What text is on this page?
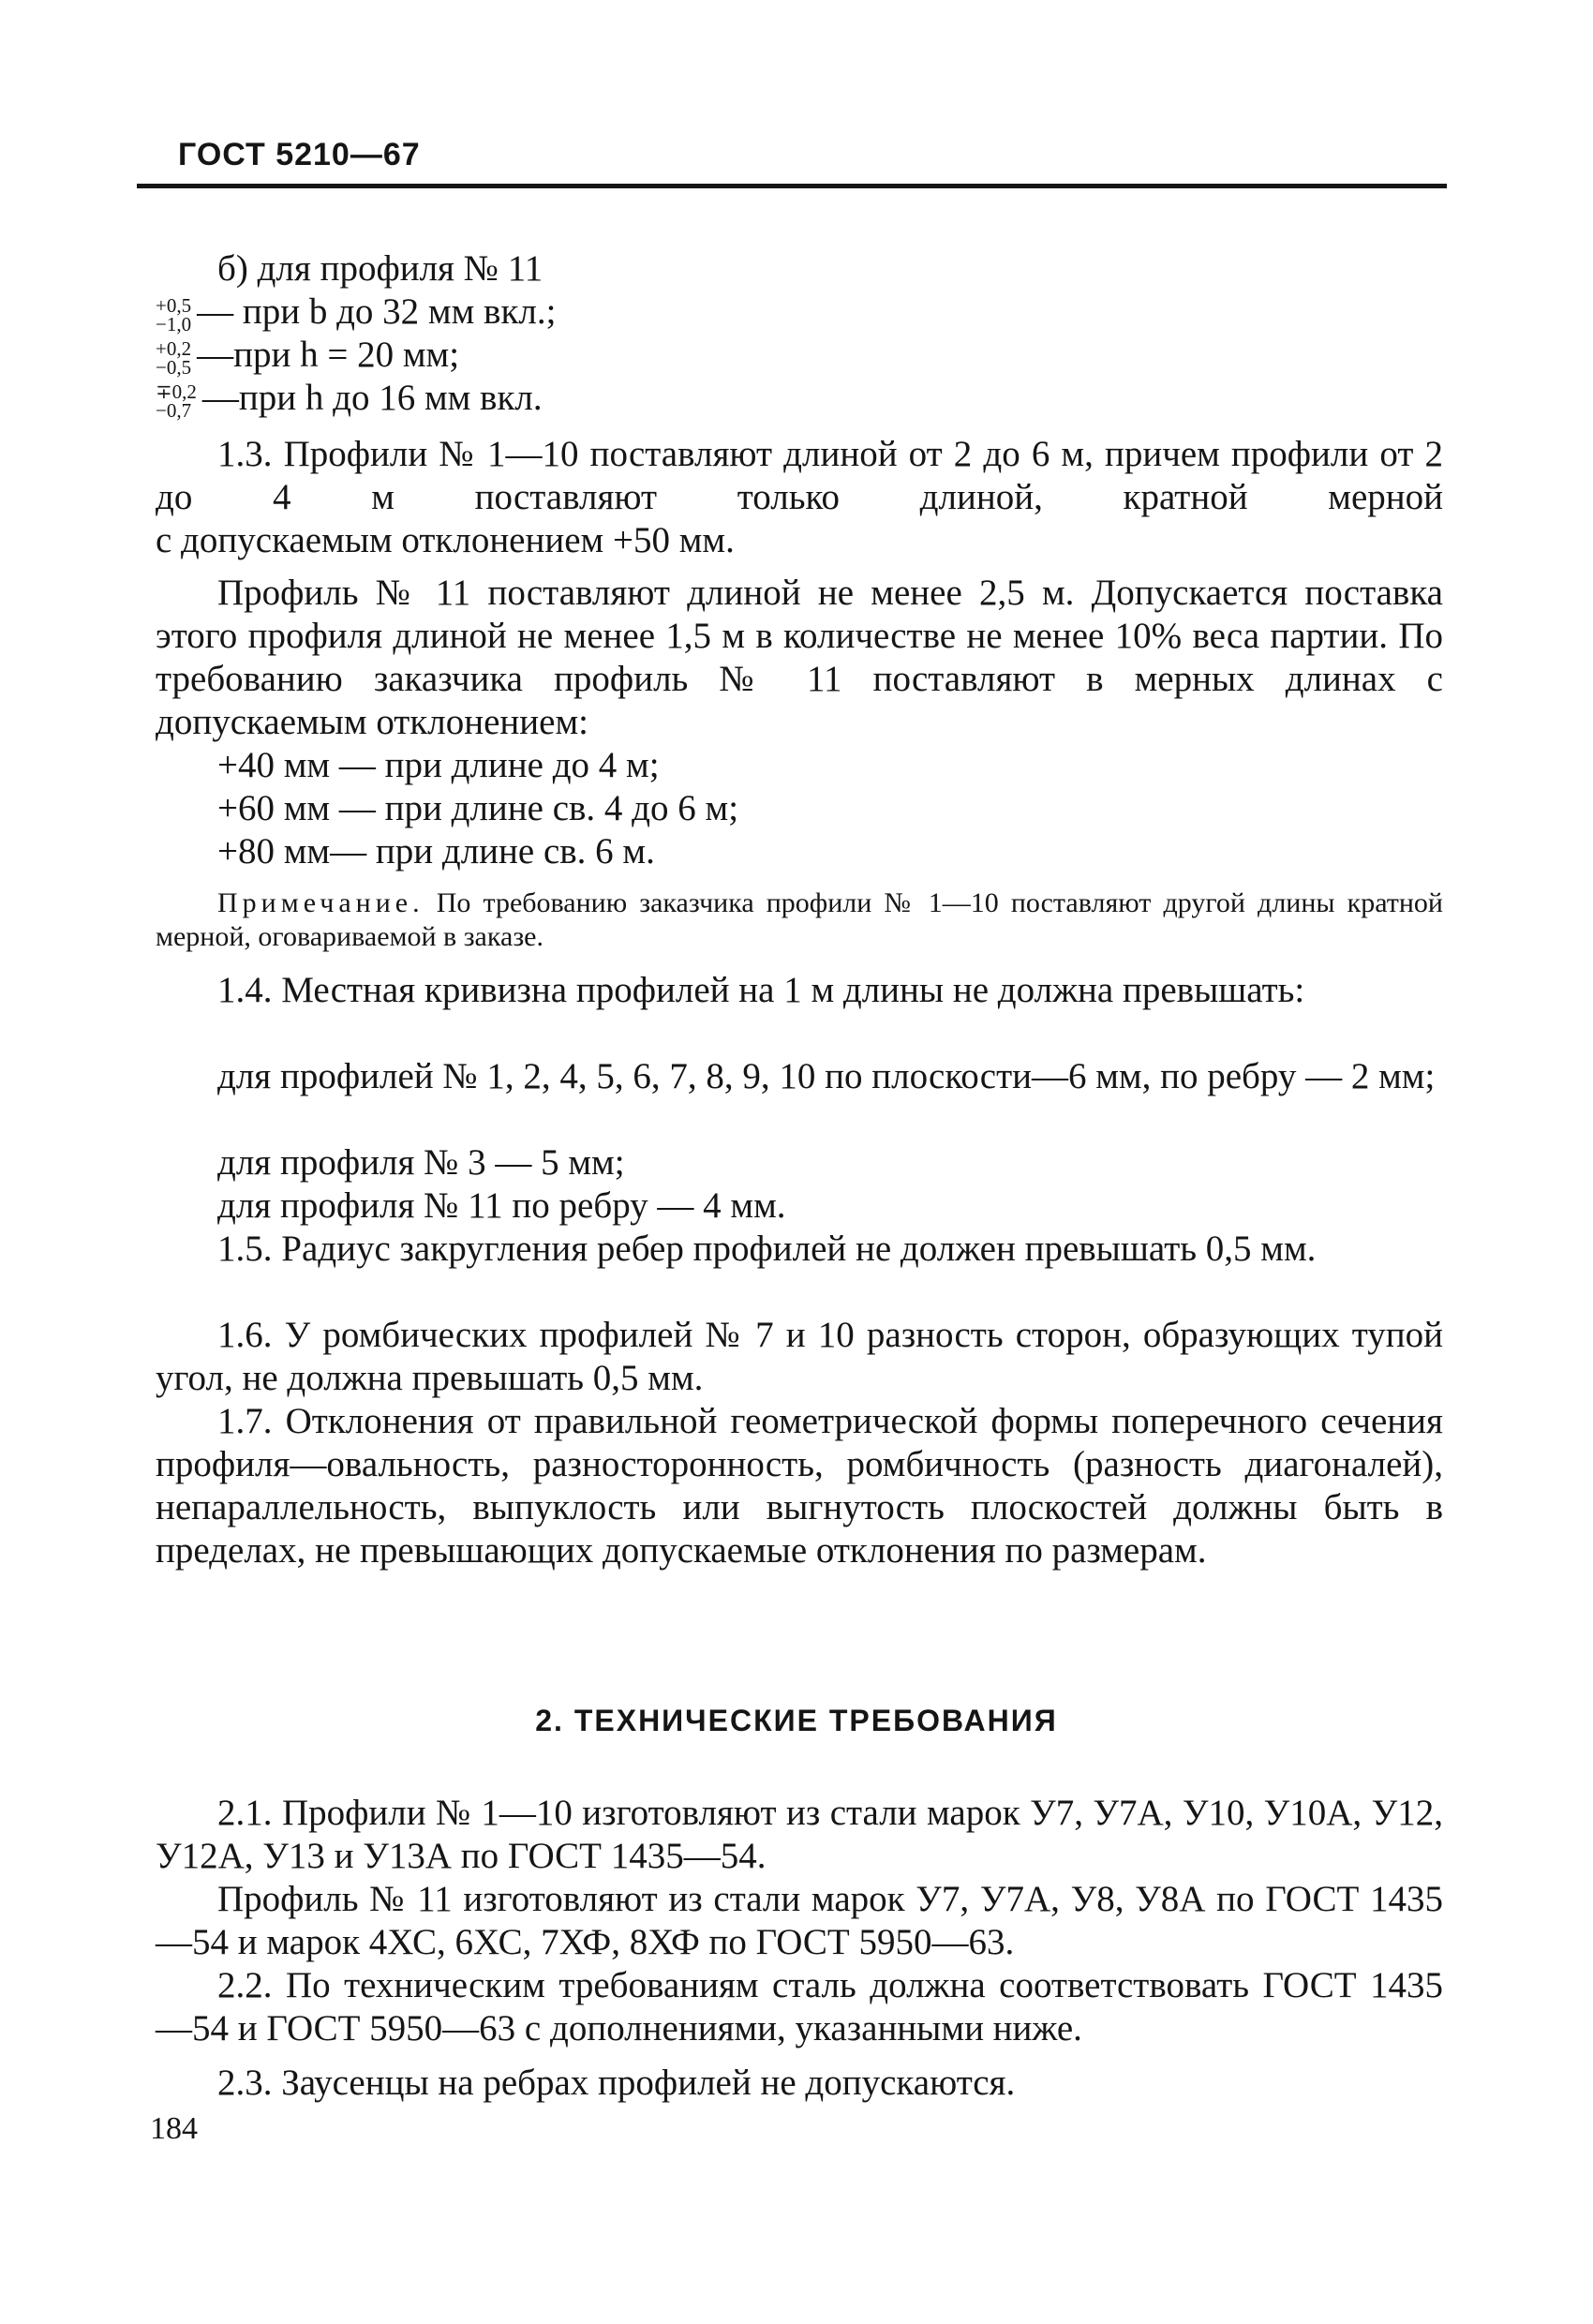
ГОСТ 5210—67
б) для профиля № 11
+0,5
−1,0 — при b до 32 мм вкл.;
+0,2
−0,5 —при h = 20 мм;
∓0,2
−0,7 —при h до 16 мм вкл.
1.3. Профили № 1—10 поставляют длиной от 2 до 6 м, причем профили от 2 до 4 м поставляют только длиной, кратной мерной
с допускаемым отклонением +50 мм.
Профиль № 11 поставляют длиной не менее 2,5 м. Допускается поставка этого профиля длиной не менее 1,5 м в количестве не менее 10% веса партии. По требованию заказчика профиль № 11 поставляют в мерных длинах с допускаемым отклонением:
+40 мм — при длине до 4 м;
+60 мм — при длине св. 4 до 6 м;
+80 мм— при длине св. 6 м.
Примечание. По требованию заказчика профили № 1—10 поставляют другой длины кратной мерной, оговариваемой в заказе.
1.4. Местная кривизна профилей на 1 м длины не должна превышать:
для профилей № 1, 2, 4, 5, 6, 7, 8, 9, 10 по плоскости—6 мм, по ребру — 2 мм;
для профиля № 3 — 5 мм;
для профиля № 11 по ребру — 4 мм.
1.5. Радиус закругления ребер профилей не должен превышать 0,5 мм.
1.6. У ромбических профилей № 7 и 10 разность сторон, образующих тупой угол, не должна превышать 0,5 мм.
1.7. Отклонения от правильной геометрической формы поперечного сечения профиля—овальность, разносторонность, ромбичность (разность диагоналей), непараллельность, выпуклость или выгнутость плоскостей должны быть в пределах, не превышающих допускаемые отклонения по размерам.
2. ТЕХНИЧЕСКИЕ ТРЕБОВАНИЯ
2.1. Профили № 1—10 изготовляют из стали марок У7, У7А, У10, У10А, У12, У12А, У13 и У13А по ГОСТ 1435—54.
Профиль № 11 изготовляют из стали марок У7, У7А, У8, У8А по ГОСТ 1435—54 и марок 4ХС, 6ХС, 7ХФ, 8ХФ по ГОСТ 5950—63.
2.2. По техническим требованиям сталь должна соответствовать ГОСТ 1435—54 и ГОСТ 5950—63 с дополнениями, указанными ниже.
2.3. Заусенцы на ребрах профилей не допускаются.
184
